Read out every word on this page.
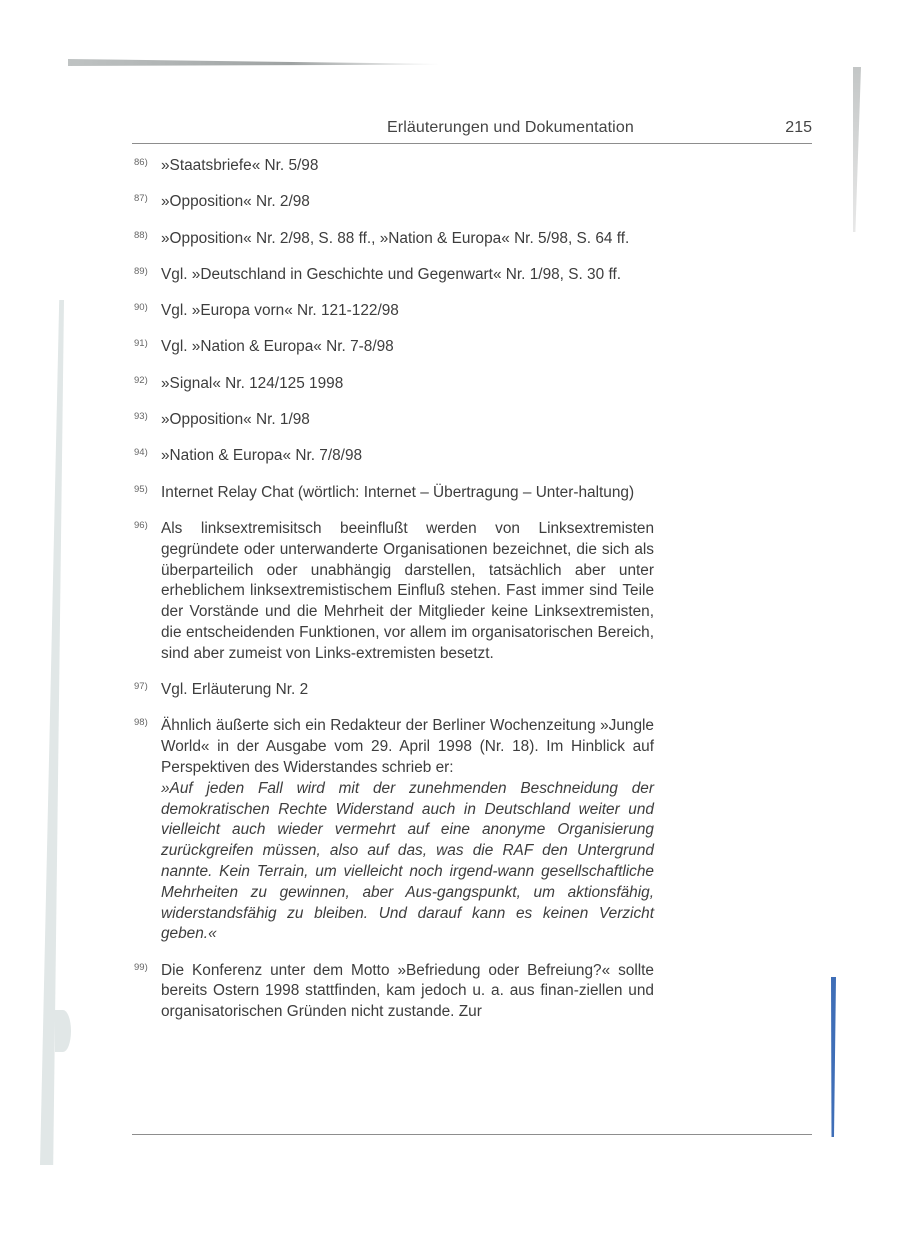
Erläuterungen und Dokumentation	215
86) »Staatsbriefe« Nr. 5/98
87) »Opposition« Nr. 2/98
88) »Opposition« Nr. 2/98, S. 88 ff., »Nation & Europa« Nr. 5/98, S. 64 ff.
89) Vgl. »Deutschland in Geschichte und Gegenwart« Nr. 1/98, S. 30 ff.
90) Vgl. »Europa vorn« Nr. 121-122/98
91) Vgl. »Nation & Europa« Nr. 7-8/98
92) »Signal« Nr. 124/125 1998
93) »Opposition« Nr. 1/98
94) »Nation & Europa« Nr. 7/8/98
95) Internet Relay Chat (wörtlich: Internet – Übertragung – Unter-haltung)
96) Als linksextremisitsch beeinflußt werden von Linksextremisten gegründete oder unterwanderte Organisationen bezeichnet, die sich als überparteilich oder unabhängig darstellen, tatsächlich aber unter erheblichem linksextremistischem Einfluß stehen. Fast immer sind Teile der Vorstände und die Mehrheit der Mitglieder keine Linksextremisten, die entscheidenden Funktionen, vor allem im organisatorischen Bereich, sind aber zumeist von Links-extremisten besetzt.
97) Vgl. Erläuterung Nr. 2
98) Ähnlich äußerte sich ein Redakteur der Berliner Wochenzeitung »Jungle World« in der Ausgabe vom 29. April 1998 (Nr. 18). Im Hinblick auf Perspektiven des Widerstandes schrieb er:
»Auf jeden Fall wird mit der zunehmenden Beschneidung der demokratischen Rechte Widerstand auch in Deutschland weiter und vielleicht auch wieder vermehrt auf eine anonyme Organisierung zurückgreifen müssen, also auf das, was die RAF den Untergrund nannte. Kein Terrain, um vielleicht noch irgend-wann gesellschaftliche Mehrheiten zu gewinnen, aber Aus-gangspunkt, um aktionsfähig, widerstandsfähig zu bleiben. Und darauf kann es keinen Verzicht geben.«
99) Die Konferenz unter dem Motto »Befriedung oder Befreiung?« sollte bereits Ostern 1998 stattfinden, kam jedoch u. a. aus finan-ziellen und organisatorischen Gründen nicht zustande. Zur
